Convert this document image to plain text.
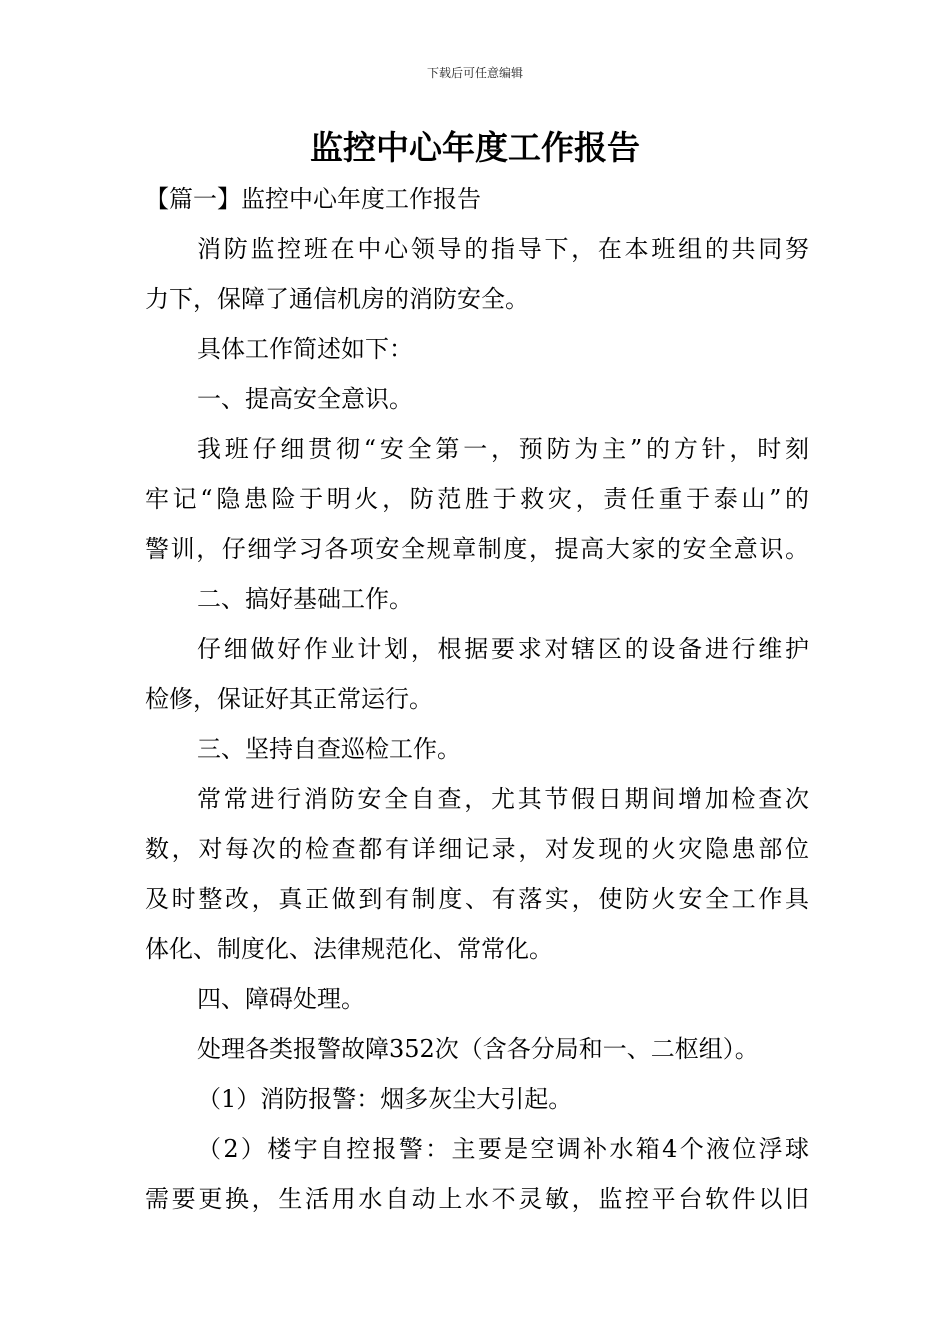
下载后可任意编辑
监控中心年度工作报告
【篇一】监控中心年度工作报告
消防监控班在中心领导的指导下，在本班组的共同努
力下，保障了通信机房的消防安全。
具体工作简述如下：
一、提高安全意识。
我班仔细贯彻“安全第一，预防为主”的方针，时刻
牢记“隐患险于明火，防范胜于救灾，责任重于泰山”的
警训，仔细学习各项安全规章制度，提高大家的安全意识。
二、搞好基础工作。
仔细做好作业计划，根据要求对辖区的设备进行维护
检修，保证好其正常运行。
三、坚持自查巡检工作。
常常进行消防安全自查，尤其节假日期间增加检查次
数，对每次的检查都有详细记录，对发现的火灾隐患部位
及时整改，真正做到有制度、有落实，使防火安全工作具
体化、制度化、法律规范化、常常化。
四、障碍处理。
处理各类报警故障352次（含各分局和一、二枢组）。
（1）消防报警：烟多灰尘大引起。
（2）楼宇自控报警：主要是空调补水箱4个液位浮球
需要更换，生活用水自动上水不灵敏，监控平台软件以旧
